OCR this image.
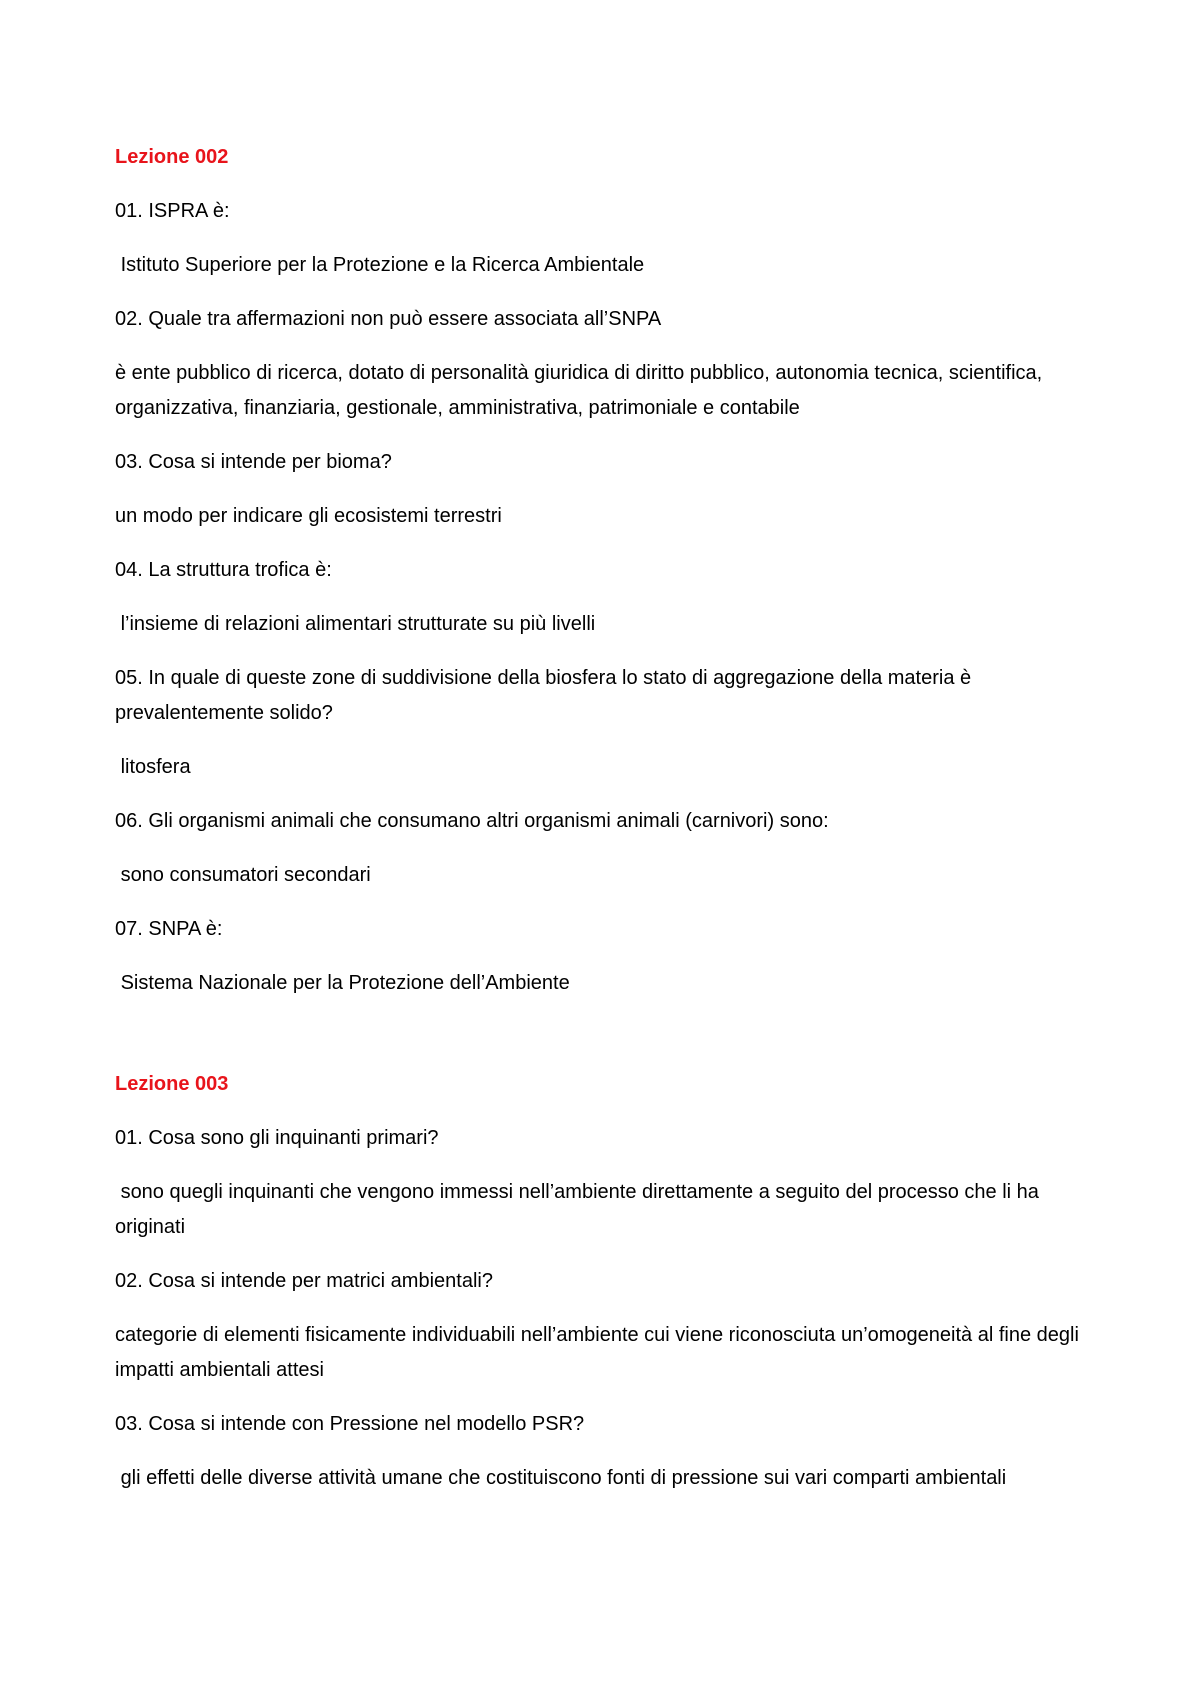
Lezione 002

01. ISPRA è:

Istituto Superiore per la Protezione e la Ricerca Ambientale

02. Quale tra affermazioni non può essere associata all’SNPA

è ente pubblico di ricerca, dotato di personalità giuridica di diritto pubblico, autonomia tecnica, scientifica, organizzativa, finanziaria, gestionale, amministrativa, patrimoniale e contabile

03. Cosa si intende per bioma?

un modo per indicare gli ecosistemi terrestri

04. La struttura trofica è:

l’insieme di relazioni alimentari strutturate su più livelli

05. In quale di queste zone di suddivisione della biosfera lo stato di aggregazione della materia è prevalentemente solido?

litosfera

06. Gli organismi animali che consumano altri organismi animali (carnivori) sono:

sono consumatori secondari

07. SNPA è:

Sistema Nazionale per la Protezione dell’Ambiente

Lezione 003

01. Cosa sono gli inquinanti primari?

sono quegli inquinanti che vengono immessi nell’ambiente direttamente a seguito del processo che li ha originati

02. Cosa si intende per matrici ambientali?

categorie di elementi fisicamente individuabili nell’ambiente cui viene riconosciuta un’omogeneità al fine degli impatti ambientali attesi

03. Cosa si intende con Pressione nel modello PSR?

gli effetti delle diverse attività umane che costituiscono fonti di pressione sui vari comparti ambientali
